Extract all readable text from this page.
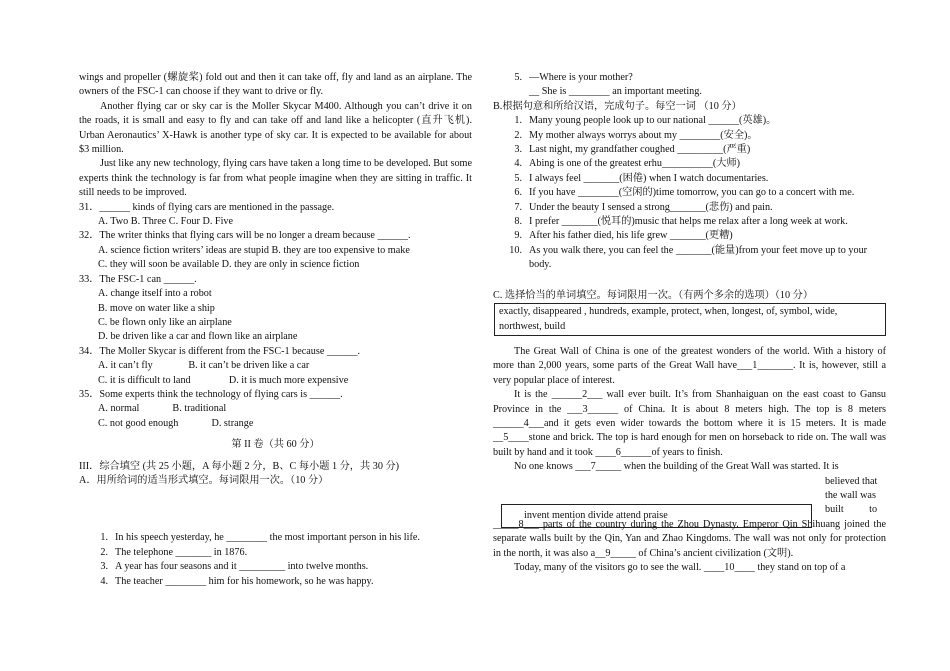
wings and propeller (螺旋桨) fold out and then it can take off, fly and land as an airplane. The owners of the FSC-1 can choose if they want to drive or fly.

Another flying car or sky car is the Moller Skycar M400. Although you can’t drive it on the roads, it is small and easy to fly and can take off and land like a helicopter (直升飞机). Urban Aeronautics’ X-Hawk is another type of sky car. It is expected to be available for about $3 million.

Just like any new technology, flying cars have taken a long time to be developed. But some experts think the technology is far from what people imagine when they are sitting in traffic. It still needs to be improved.

31．______ kinds of flying cars are mentioned in the passage.

A. Two B. Three C. Four D. Five

32．The writer thinks that flying cars will be no longer a dream because ______.

A. science fiction writers’ ideas are stupid B. they are too expensive to make

C. they will soon be available D. they are only in science fiction

33．The FSC-1 can ______.

A. change itself into a robot

B. move on water like a ship

C. be flown only like an airplane

D. be driven like a car and flown like an airplane

34．The Moller Skycar is different from the FSC-1 because ______.

A. it can’t fly              B. it can’t be driven like a car

C. it is difficult to land               D. it is much more expensive

35．Some experts think the technology of flying cars is ______.

A. normal             B. traditional

C. not good enough             D. strange

第 II 卷（共 60 分）

III．综合填空 (共 25 小题，A 每小题 2 分，B、C 每小题 1 分，共 30 分)

A．用所给词的适当形式填空。每词限用一次。（10 分）

1. In his speech yesterday, he ________ the most important person in his life.
2. The telephone _______ in 1876.
3. A year has four seasons and it _________ into twelve months.
4. The teacher ________ him for his homework, so he was happy.
5. —Where is your mother?
__ She is ________ an important meeting.

B.根据句意和所给汉语，完成句子。每空一词 （10 分）

1. Many young people look up to our national ______(英雄)。
2. My mother always worrys about my ________(安全)。
3. Last night, my grandfather coughed _________(严重)
4. Abing is one of the greatest erhu__________(大师)
5. I always feel _______(困倦) when I watch documentaries.
6. If you have ________(空闲的)time tomorrow, you can go to a concert with me.
7. Under the beauty I sensed a strong_______(悲伤) and pain.
8. I prefer _______(悦耳的)music that helps me relax after a long week at work.
9. After his father died, his life grew _______(更糟)
10. As you walk there, you can feel the _______(能量)from your feet move up to your body.

C. 选择恰当的单词填空。每词限用一次。（有两个多余的选项）（10 分）

exactly, disappeared , hundreds, example, protect, when, longest, of, symbol, wide, northwest, build

The Great Wall of China is one of the greatest wonders of the world. With a history of more than 2,000 years, some parts of the Great Wall have___1_______. It is, however, still a very popular place of interest.

It is the ______2___ wall ever built. It’s from Shanhaiguan on the east coast to Gansu Province in the ___3______ of China. It is about 8 meters high. The top is 8 meters ______4___and it gets even wider towards the bottom where it is 15 meters. It is made __5____stone and brick. The top is hard enough for men on horseback to ride on. The wall was built by hand and it took ____6______of years to finish.

No one knows ___7_____ when the building of the Great Wall was started. It is

believed that

the wall was

built          to

_____8___ parts of the country during the Zhou Dynasty. Emperor Qin Shihuang joined the separate walls built by the Qin, Yan and Zhao Kingdoms. The wall was not only for protection in the north, it was also a__9_____ of China’s ancient civilization (文明).

Today, many of the visitors go to see the wall. ____10____ they stand on top of a

invent mention divide attend praise
